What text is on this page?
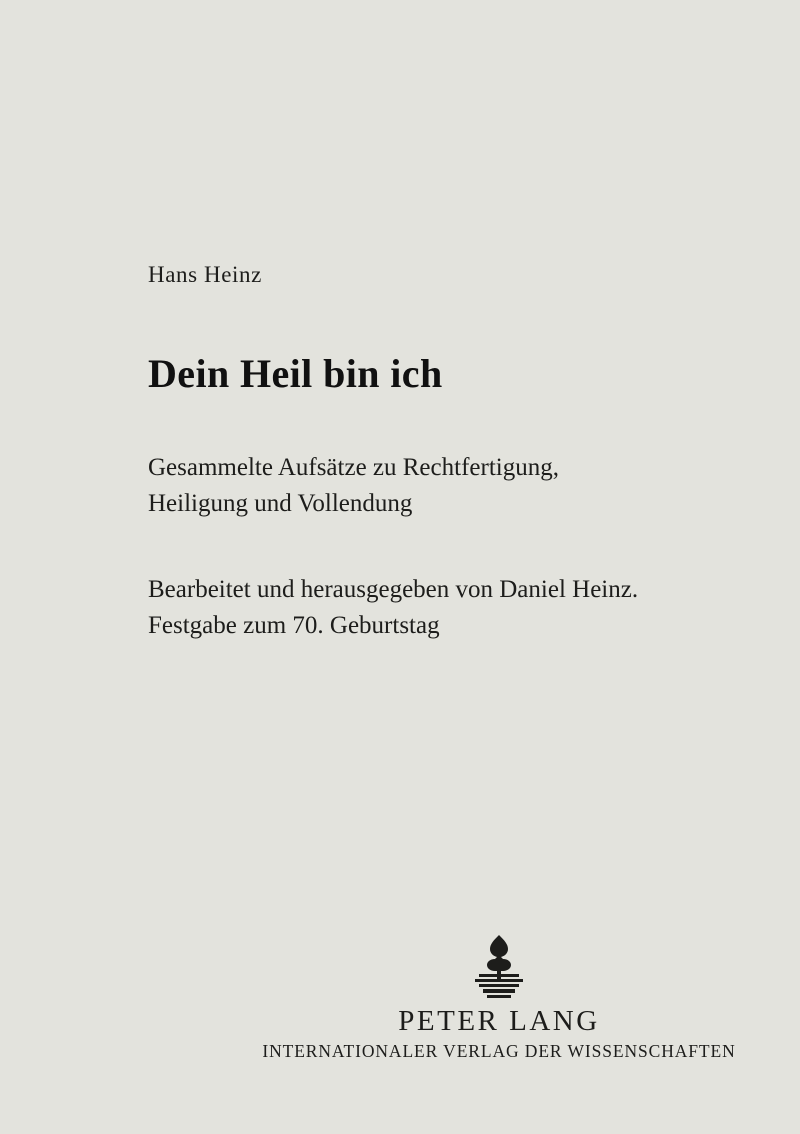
Hans Heinz
Dein Heil bin ich
Gesammelte Aufsätze zu Rechtfertigung, Heiligung und Vollendung
Bearbeitet und herausgegeben von Daniel Heinz. Festgabe zum 70. Geburtstag
PETER LANG
INTERNATIONALER VERLAG DER WISSENSCHAFTEN
